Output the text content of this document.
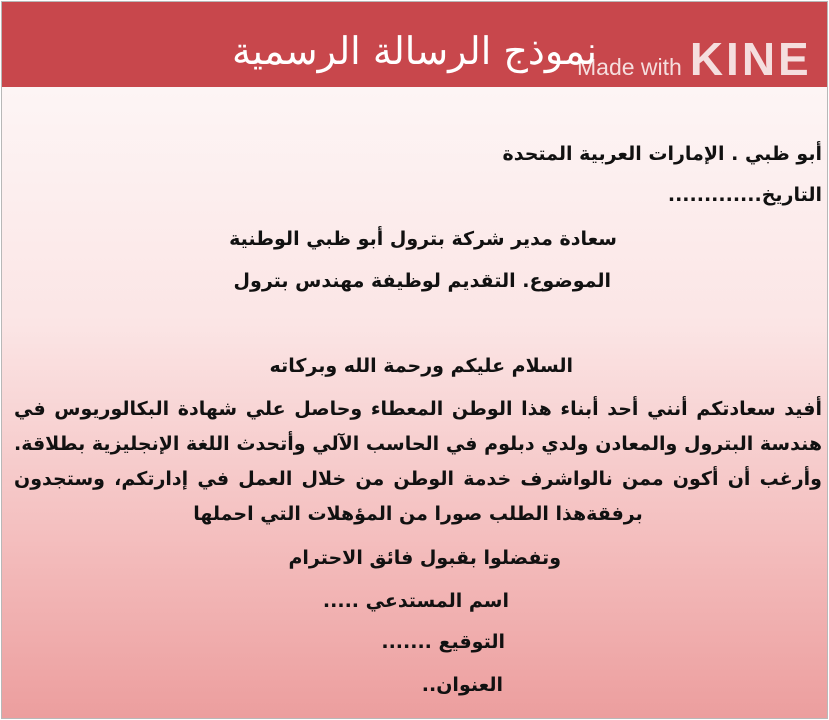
نموذج الرسالة الرسمية
Made with KINE
أبو ظبي . الإمارات العربية المتحدة
التاريخ.............
سعادة مدير شركة بترول أبو ظبي الوطنية
الموضوع. التقديم لوظيفة مهندس بترول
السلام عليكم ورحمة الله وبركاته
أفيد سعادتكم أنني أحد أبناء هذا الوطن المعطاء وحاصل علي شهادة البكالوريوس في هندسة البترول والمعادن ولدي دبلوم في الحاسب الآلي وأتحدث اللغة الإنجليزية بطلاقة. وأرغب أن أكون ممن نالواشرف خدمة الوطن من خلال العمل في إدارتكم، وستجدون برفقةهذا الطلب صورا من المؤهلات التي احملها
وتفضلوا بقبول فائق الاحترام
اسم المستدعي .....
التوقيع .......
العنوان..
